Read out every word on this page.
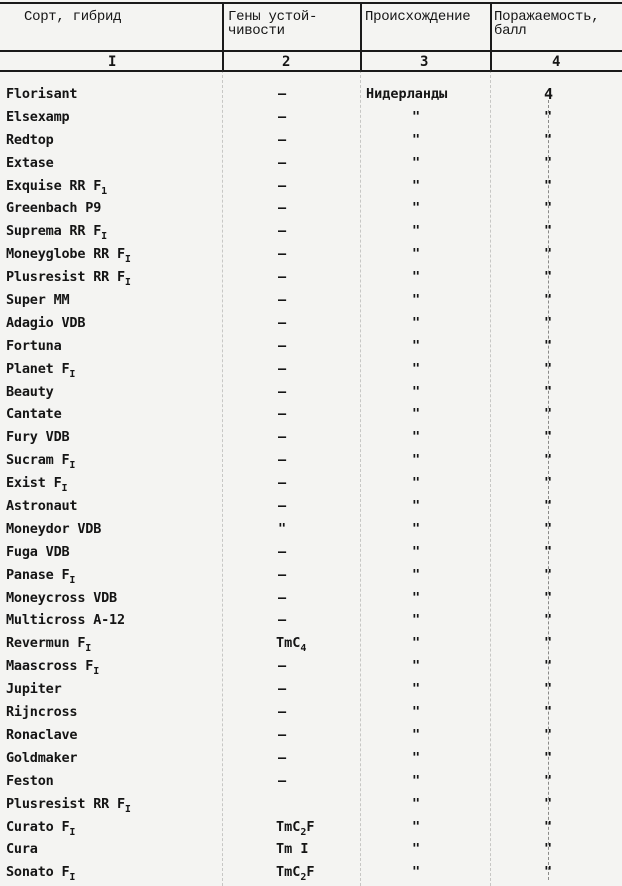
Сорт, гибрид	Гены устой-
чивости
Происхождение Поражаемость,
балл
I	2	3	4
Florisant	–	Нидерланды	4
Elsexamp	–	"	"
Redtop	–	"	"
Extase	–	"	"
Exquise RR $F_1$	–	"	"
Greenbach P9	–	"	"
Suprema RR $F_I$	–	"	"
Moneyglobe RR $F_I$	–	"	"
Plusresist RR $F_I$	–	"	"
Super MM	–	"	"
Adagio VDB	–	"	"
Fortuna	–	"	"
Planet $F_I$	–	"	"
Beauty	–	"	"
Cantate	–	"	"
Fury VDB	–	"	"
Sucram $F_I$	–	"	"
Exist $F_I$	–	"	"
Astronaut	–	"	"
Moneydor VDB	"	"	"
Fuga VDB	–	"	"
Panase $F_I$	–	"	"
Moneycross VDB	–	"	"
Multicross A-12	–	"	"
Revermun $F_I$	TmC$_4$	"	"
Maascross $F_I$	–	"	"
Jupiter	–	"	"
Rijncross	–	"	"
Ronaclave	–	"	"
Goldmaker	–	"	"
Feston	–	"	"
Plusresist RR $F_I$	"	"
Curato $F_I$	TmC$_2$F	"	"
Cura	Tm I	"	"
Sonato $F_I$	TmC$_2$F	"	"
